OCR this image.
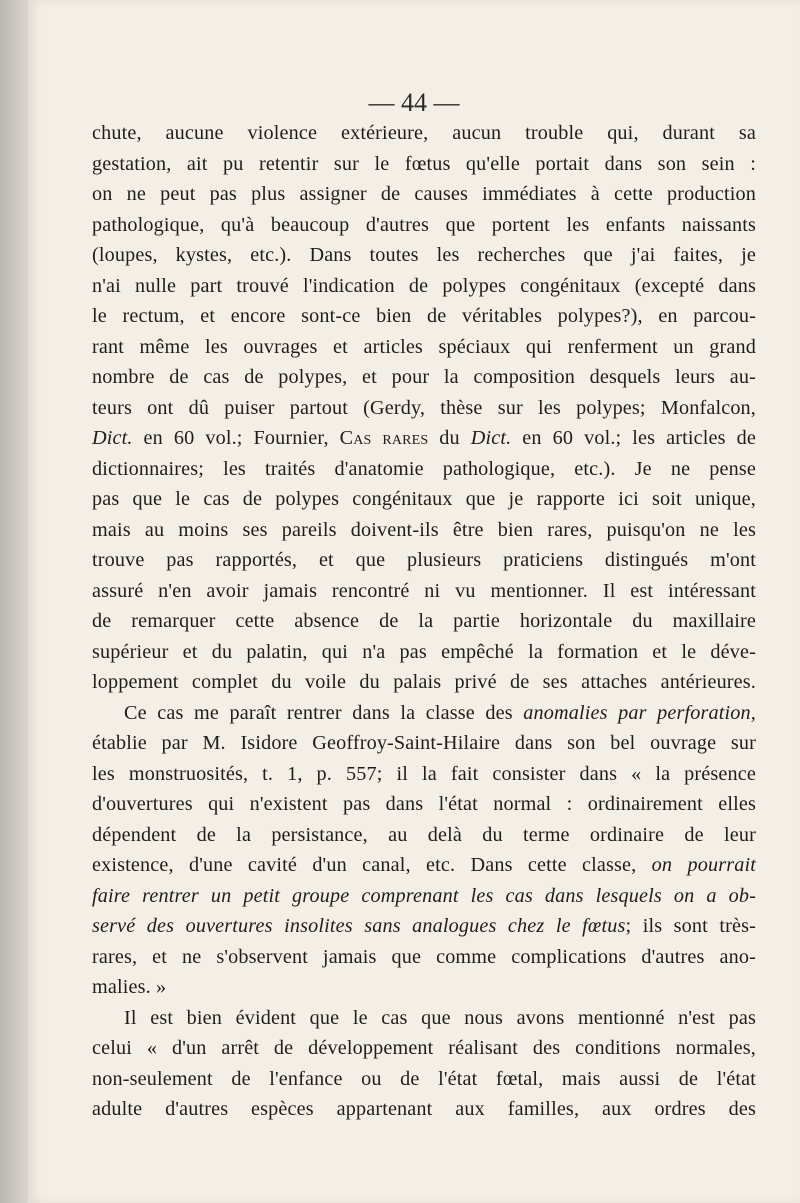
— 44 —

chute, aucune violence extérieure, aucun trouble qui, durant sa
gestation, ait pu retentir sur le fœtus qu'elle portait dans son sein :
on ne peut pas plus assigner de causes immédiates à cette production
pathologique, qu'à beaucoup d'autres que portent les enfants naissants
(loupes, kystes, etc.). Dans toutes les recherches que j'ai faites, je
n'ai nulle part trouvé l'indication de polypes congénitaux (excepté dans
le rectum, et encore sont-ce bien de véritables polypes?), en parcou-
rant même les ouvrages et articles spéciaux qui renferment un grand
nombre de cas de polypes, et pour la composition desquels leurs au-
teurs ont dû puiser partout (Gerdy, thèse sur les polypes; Monfalcon,
Dict. en 60 vol.; Fournier, Cas rares du Dict. en 60 vol.; les articles de
dictionnaires; les traités d'anatomie pathologique, etc.). Je ne pense
pas que le cas de polypes congénitaux que je rapporte ici soit unique,
mais au moins ses pareils doivent-ils être bien rares, puisqu'on ne les
trouve pas rapportés, et que plusieurs praticiens distingués m'ont
assuré n'en avoir jamais rencontré ni vu mentionner. Il est intéressant
de remarquer cette absence de la partie horizontale du maxillaire
supérieur et du palatin, qui n'a pas empêché la formation et le déve-
loppement complet du voile du palais privé de ses attaches antérieures.

Ce cas me paraît rentrer dans la classe des anomalies par perforation,
établie par M. Isidore Geoffroy-Saint-Hilaire dans son bel ouvrage sur
les monstruosités, t. 1, p. 557; il la fait consister dans « la présence
d'ouvertures qui n'existent pas dans l'état normal : ordinairement elles
dépendent de la persistance, au delà du terme ordinaire de leur
existence, d'une cavité d'un canal, etc. Dans cette classe, on pourrait
faire rentrer un petit groupe comprenant les cas dans lesquels on a ob-
servé des ouvertures insolites sans analogues chez le fœtus; ils sont très-
rares, et ne s'observent jamais que comme complications d'autres ano-
malies. »

Il est bien évident que le cas que nous avons mentionné n'est pas
celui « d'un arrêt de développement réalisant des conditions normales,
non-seulement de l'enfance ou de l'état fœtal, mais aussi de l'état
adulte d'autres espèces appartenant aux familles, aux ordres des
